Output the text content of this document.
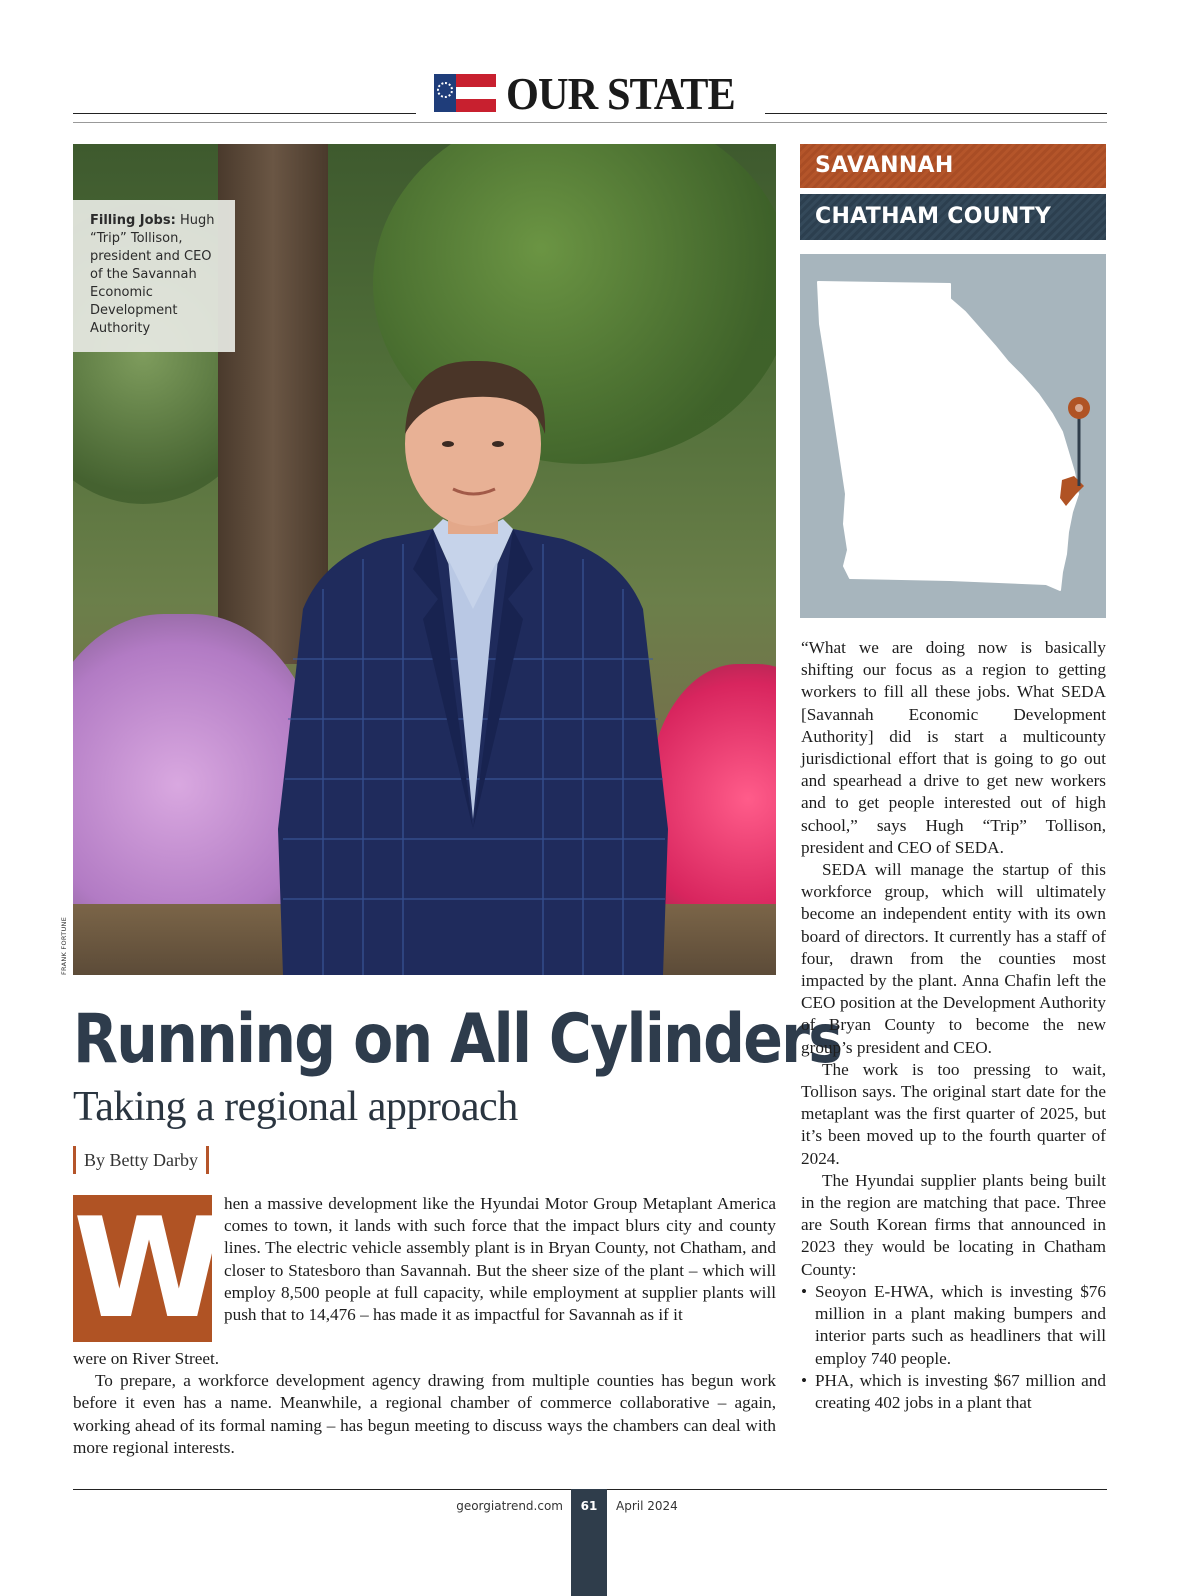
OUR STATE
Filling Jobs: Hugh “Trip” Tollison, president and CEO of the Savannah Economic Development Authority
FRANK FORTUNE
Running on All Cylinders
Taking a regional approach
By Betty Darby
W hen a massive development like the Hyundai Motor Group Metaplant America comes to town, it lands with such force that the impact blurs city and county lines. The electric vehicle assembly plant is in Bryan County, not Chatham, and closer to Statesboro than Savannah. But the sheer size of the plant – which will employ 8,500 people at full capacity, while employment at supplier plants will push that to 14,476 – has made it as impactful for Savannah as if it

were on River Street.

To prepare, a workforce development agency drawing from multiple counties has begun work before it even has a name. Meanwhile, a regional chamber of commerce collaborative – again, working ahead of its formal naming – has begun meeting to discuss ways the chambers can deal with more regional interests.

SAVANNAH
CHATHAM COUNTY

“What we are doing now is basically shifting our focus as a region to getting workers to fill all these jobs. What SEDA [Savannah Economic Development Authority] did is start a multicounty jurisdictional effort that is going to go out and spearhead a drive to get new workers and to get people interested out of high school,” says Hugh “Trip” Tollison, president and CEO of SEDA.

SEDA will manage the startup of this workforce group, which will ultimately become an independent entity with its own board of directors. It currently has a staff of four, drawn from the counties most impacted by the plant. Anna Chafin left the CEO position at the Development Authority of Bryan County to become the new group’s president and CEO.

The work is too pressing to wait, Tollison says. The original start date for the metaplant was the first quarter of 2025, but it’s been moved up to the fourth quarter of 2024.

The Hyundai supplier plants being built in the region are matching that pace. Three are South Korean firms that announced in 2023 they would be locating in Chatham County:

• Seoyon E-HWA, which is investing $76 million in a plant making bumpers and interior parts such as headliners that will employ 740 people.
• PHA, which is investing $67 million and creating 402 jobs in a plant that
georgiatrend.com	61	April 2024
